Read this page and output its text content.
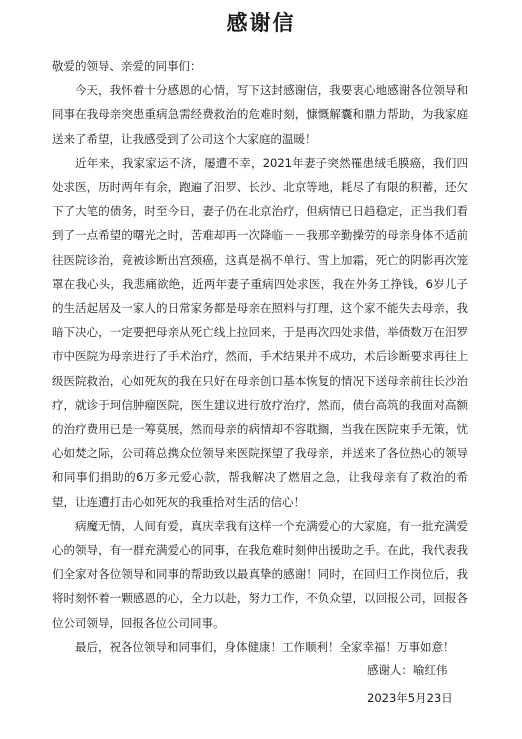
感谢信

敬爱的领导、亲爱的同事们：

今天，我怀着十分感恩的心情，写下这封感谢信，我要衷心地感谢各位领导和同事在我母亲突患重病急需经费救治的危难时刻，慷慨解囊和鼎力帮助，为我家庭送来了希望，让我感受到了公司这个大家庭的温暖！

近年来，我家家运不济，屡遭不幸，2021年妻子突然罹患绒毛膜癌，我们四处求医，历时两年有余，跑遍了汨罗、长沙、北京等地，耗尽了有限的积蓄，还欠下了大笔的债务，时至今日，妻子仍在北京治疗，但病情已日趋稳定，正当我们看到了一点希望的曙光之时，苦难却再一次降临－－我那辛勤操劳的母亲身体不适前往医院诊治，竟被诊断出宫颈癌，这真是祸不单行、雪上加霜，死亡的阴影再次笼罩在我心头，我悲痛欲绝，近两年妻子重病四处求医，我在外务工挣钱，6岁儿子的生活起居及一家人的日常家务都是母亲在照料与打理，这个家不能失去母亲，我暗下决心，一定要把母亲从死亡线上拉回来，于是再次四处求借，举债数万在汨罗市中医院为母亲进行了手术治疗，然而，手术结果并不成功，术后诊断要求再往上级医院救治，心如死灰的我在只好在母亲创口基本恢复的情况下送母亲前往长沙治疗，就诊于珂信肿瘤医院，医生建议进行放疗治疗，然而，债台高筑的我面对高额的治疗费用已是一筹莫展，然而母亲的病情却不容耽搁，当我在医院束手无策，忧心如焚之际，公司蒋总携众位领导来医院探望了我母亲，并送来了各位热心的领导和同事们捐助的6万多元爱心款，帮我解决了燃眉之急，让我母亲有了救治的希望，让连遭打击心如死灰的我重拾对生活的信心！

病魔无情，人间有爱，真庆幸我有这样一个充满爱心的大家庭，有一批充满爱心的领导，有一群充满爱心的同事，在我危难时刻伸出援助之手。在此，我代表我们全家对各位领导和同事的帮助致以最真挚的感谢！同时，在回归工作岗位后，我将时刻怀着一颗感恩的心，全力以赴，努力工作，不负众望，以回报公司，回报各位公司领导，回报各位公司同事。

最后，祝各位领导和同事们，身体健康！工作顺利！全家幸福！万事如意！

感谢人：喻红伟
2023年5月23日
